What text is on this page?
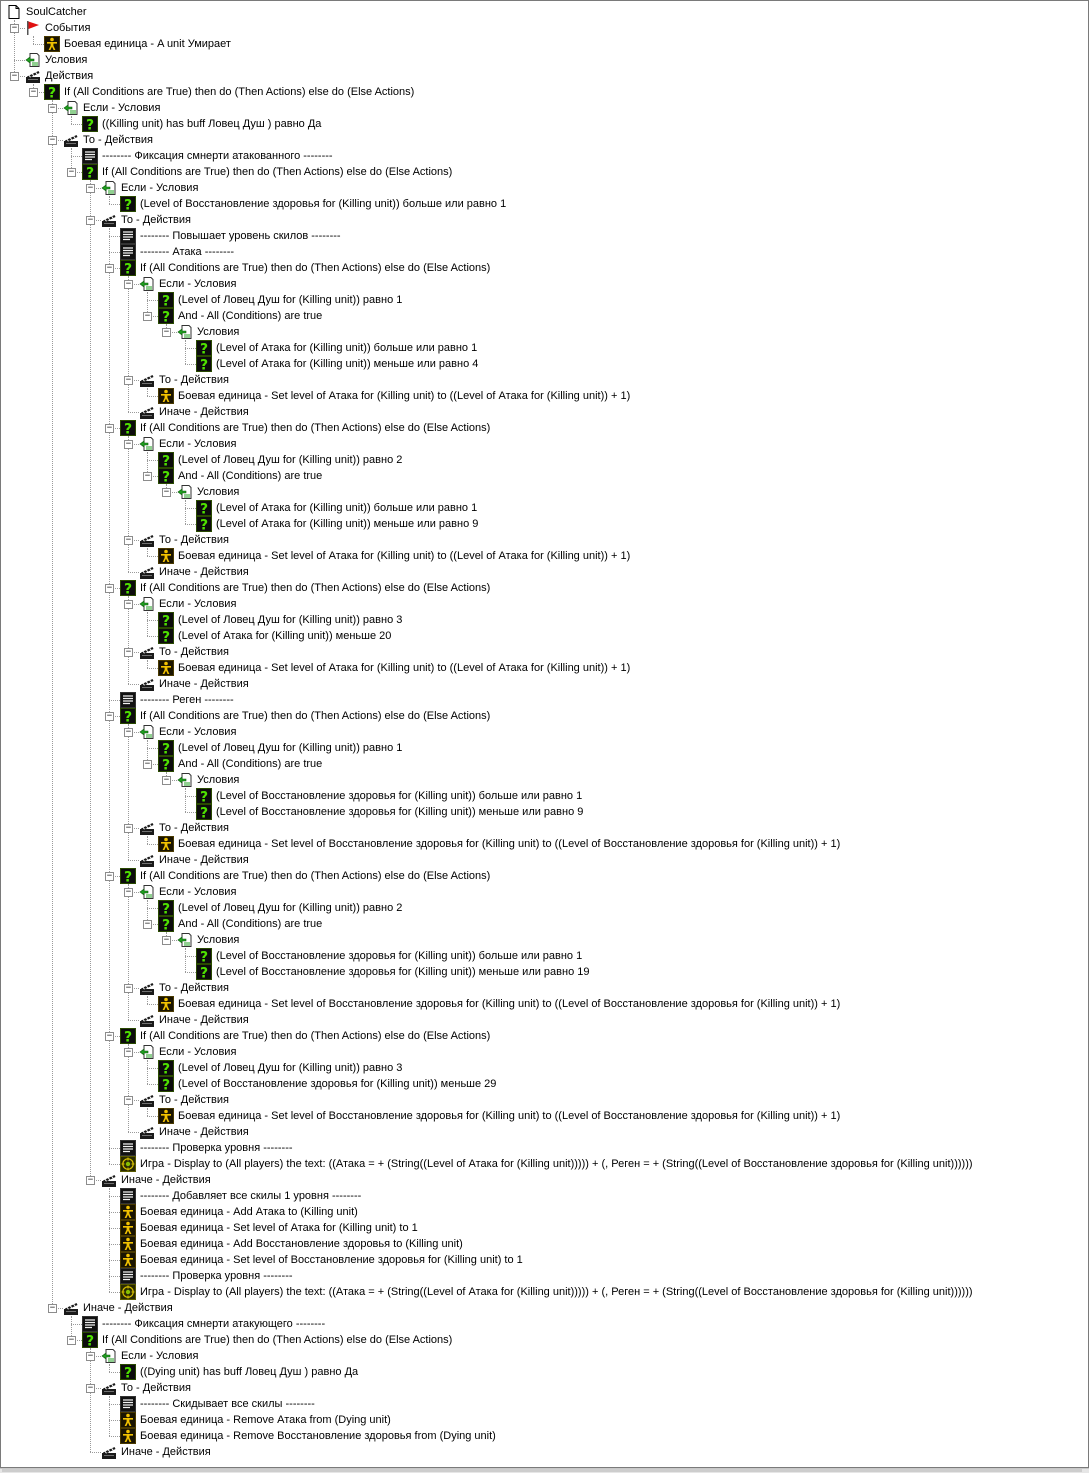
SoulCatcher
−	События
Боевая единица - A unit Умирает
Условия
−	Действия
−	If (All Conditions are True) then do (Then Actions) else do (Else Actions)
−	Если - Условия
((Killing unit) has buff Ловец Душ ) равно Да
−	То - Действия
-------- Фиксация смнерти атакованного --------
−	If (All Conditions are True) then do (Then Actions) else do (Else Actions)
−	Если - Условия
(Level of Восстановление здоровья for (Killing unit)) больше или равно 1
−	То - Действия
-------- Повышает уровень скилов --------
-------- Атака --------
−	If (All Conditions are True) then do (Then Actions) else do (Else Actions)
−	Если - Условия
(Level of Ловец Душ for (Killing unit)) равно 1
−	And - All (Conditions) are true
−	Условия
(Level of Атака for (Killing unit)) больше или равно 1
(Level of Атака for (Killing unit)) меньше или равно 4
−	То - Действия
Боевая единица - Set level of Атака for (Killing unit) to ((Level of Атака for (Killing unit)) + 1)
Иначе - Действия
−	If (All Conditions are True) then do (Then Actions) else do (Else Actions)
−	Если - Условия
(Level of Ловец Душ for (Killing unit)) равно 2
−	And - All (Conditions) are true
−	Условия
(Level of Атака for (Killing unit)) больше или равно 1
(Level of Атака for (Killing unit)) меньше или равно 9
−	То - Действия
Боевая единица - Set level of Атака for (Killing unit) to ((Level of Атака for (Killing unit)) + 1)
Иначе - Действия
−	If (All Conditions are True) then do (Then Actions) else do (Else Actions)
−	Если - Условия
(Level of Ловец Душ for (Killing unit)) равно 3
(Level of Атака for (Killing unit)) меньше 20
−	То - Действия
Боевая единица - Set level of Атака for (Killing unit) to ((Level of Атака for (Killing unit)) + 1)
Иначе - Действия
-------- Реген --------
−	If (All Conditions are True) then do (Then Actions) else do (Else Actions)
−	Если - Условия
(Level of Ловец Душ for (Killing unit)) равно 1
−	And - All (Conditions) are true
−	Условия
(Level of Восстановление здоровья for (Killing unit)) больше или равно 1
(Level of Восстановление здоровья for (Killing unit)) меньше или равно 9
−	То - Действия
Боевая единица - Set level of Восстановление здоровья for (Killing unit) to ((Level of Восстановление здоровья for (Killing unit)) + 1)
Иначе - Действия
−	If (All Conditions are True) then do (Then Actions) else do (Else Actions)
−	Если - Условия
(Level of Ловец Душ for (Killing unit)) равно 2
−	And - All (Conditions) are true
−	Условия
(Level of Восстановление здоровья for (Killing unit)) больше или равно 1
(Level of Восстановление здоровья for (Killing unit)) меньше или равно 19
−	То - Действия
Боевая единица - Set level of Восстановление здоровья for (Killing unit) to ((Level of Восстановление здоровья for (Killing unit)) + 1)
Иначе - Действия
−	If (All Conditions are True) then do (Then Actions) else do (Else Actions)
−	Если - Условия
(Level of Ловец Душ for (Killing unit)) равно 3
(Level of Восстановление здоровья for (Killing unit)) меньше 29
−	То - Действия
Боевая единица - Set level of Восстановление здоровья for (Killing unit) to ((Level of Восстановление здоровья for (Killing unit)) + 1)
Иначе - Действия
-------- Проверка уровня --------
Игра - Display to (All players) the text: ((Атака = + (String((Level of Атака for (Killing unit))))) + (, Реген = + (String((Level of Восстановление здоровья for (Killing unit))))))
−	Иначе - Действия
-------- Добавляет все скилы 1 уровня --------
Боевая единица - Add Атака to (Killing unit)
Боевая единица - Set level of Атака for (Killing unit) to 1
Боевая единица - Add Восстановление здоровья to (Killing unit)
Боевая единица - Set level of Восстановление здоровья for (Killing unit) to 1
-------- Проверка уровня --------
Игра - Display to (All players) the text: ((Атака = + (String((Level of Атака for (Killing unit))))) + (, Реген = + (String((Level of Восстановление здоровья for (Killing unit))))))
−	Иначе - Действия
-------- Фиксация смнерти атакующего --------
−	If (All Conditions are True) then do (Then Actions) else do (Else Actions)
−	Если - Условия
((Dying unit) has buff Ловец Душ ) равно Да
−	То - Действия
-------- Скидывает все скилы --------
Боевая единица - Remove Атака from (Dying unit)
Боевая единица - Remove Восстановление здоровья from (Dying unit)
Иначе - Действия
